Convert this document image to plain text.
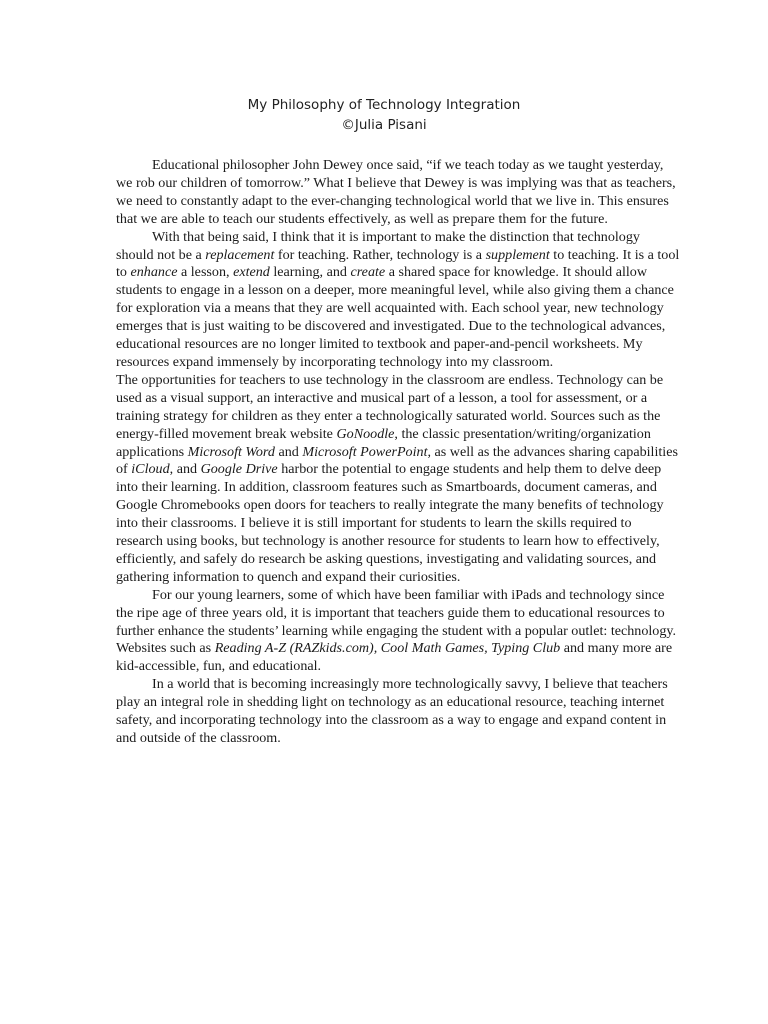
My Philosophy of Technology Integration
©Julia Pisani

Educational philosopher John Dewey once said, “if we teach today as we taught yesterday, we rob our children of tomorrow.” What I believe that Dewey is was implying was that as teachers, we need to constantly adapt to the ever-changing technological world that we live in. This ensures that we are able to teach our students effectively, as well as prepare them for the future.

With that being said, I think that it is important to make the distinction that technology should not be a replacement for teaching. Rather, technology is a supplement to teaching. It is a tool to enhance a lesson, extend learning, and create a shared space for knowledge. It should allow students to engage in a lesson on a deeper, more meaningful level, while also giving them a chance for exploration via a means that they are well acquainted with. Each school year, new technology emerges that is just waiting to be discovered and investigated. Due to the technological advances, educational resources are no longer limited to textbook and paper-and-pencil worksheets. My resources expand immensely by incorporating technology into my classroom.

The opportunities for teachers to use technology in the classroom are endless. Technology can be used as a visual support, an interactive and musical part of a lesson, a tool for assessment, or a training strategy for children as they enter a technologically saturated world. Sources such as the energy-filled movement break website GoNoodle, the classic presentation/writing/organization applications Microsoft Word and Microsoft PowerPoint, as well as the advances sharing capabilities of iCloud, and Google Drive harbor the potential to engage students and help them to delve deep into their learning. In addition, classroom features such as Smartboards, document cameras, and Google Chromebooks open doors for teachers to really integrate the many benefits of technology into their classrooms. I believe it is still important for students to learn the skills required to research using books, but technology is another resource for students to learn how to effectively, efficiently, and safely do research be asking questions, investigating and validating sources, and gathering information to quench and expand their curiosities.

For our young learners, some of which have been familiar with iPads and technology since the ripe age of three years old, it is important that teachers guide them to educational resources to further enhance the students’ learning while engaging the student with a popular outlet: technology. Websites such as Reading A-Z (RAZkids.com), Cool Math Games, Typing Club and many more are kid-accessible, fun, and educational.

In a world that is becoming increasingly more technologically savvy, I believe that teachers play an integral role in shedding light on technology as an educational resource, teaching internet safety, and incorporating technology into the classroom as a way to engage and expand content in and outside of the classroom.
